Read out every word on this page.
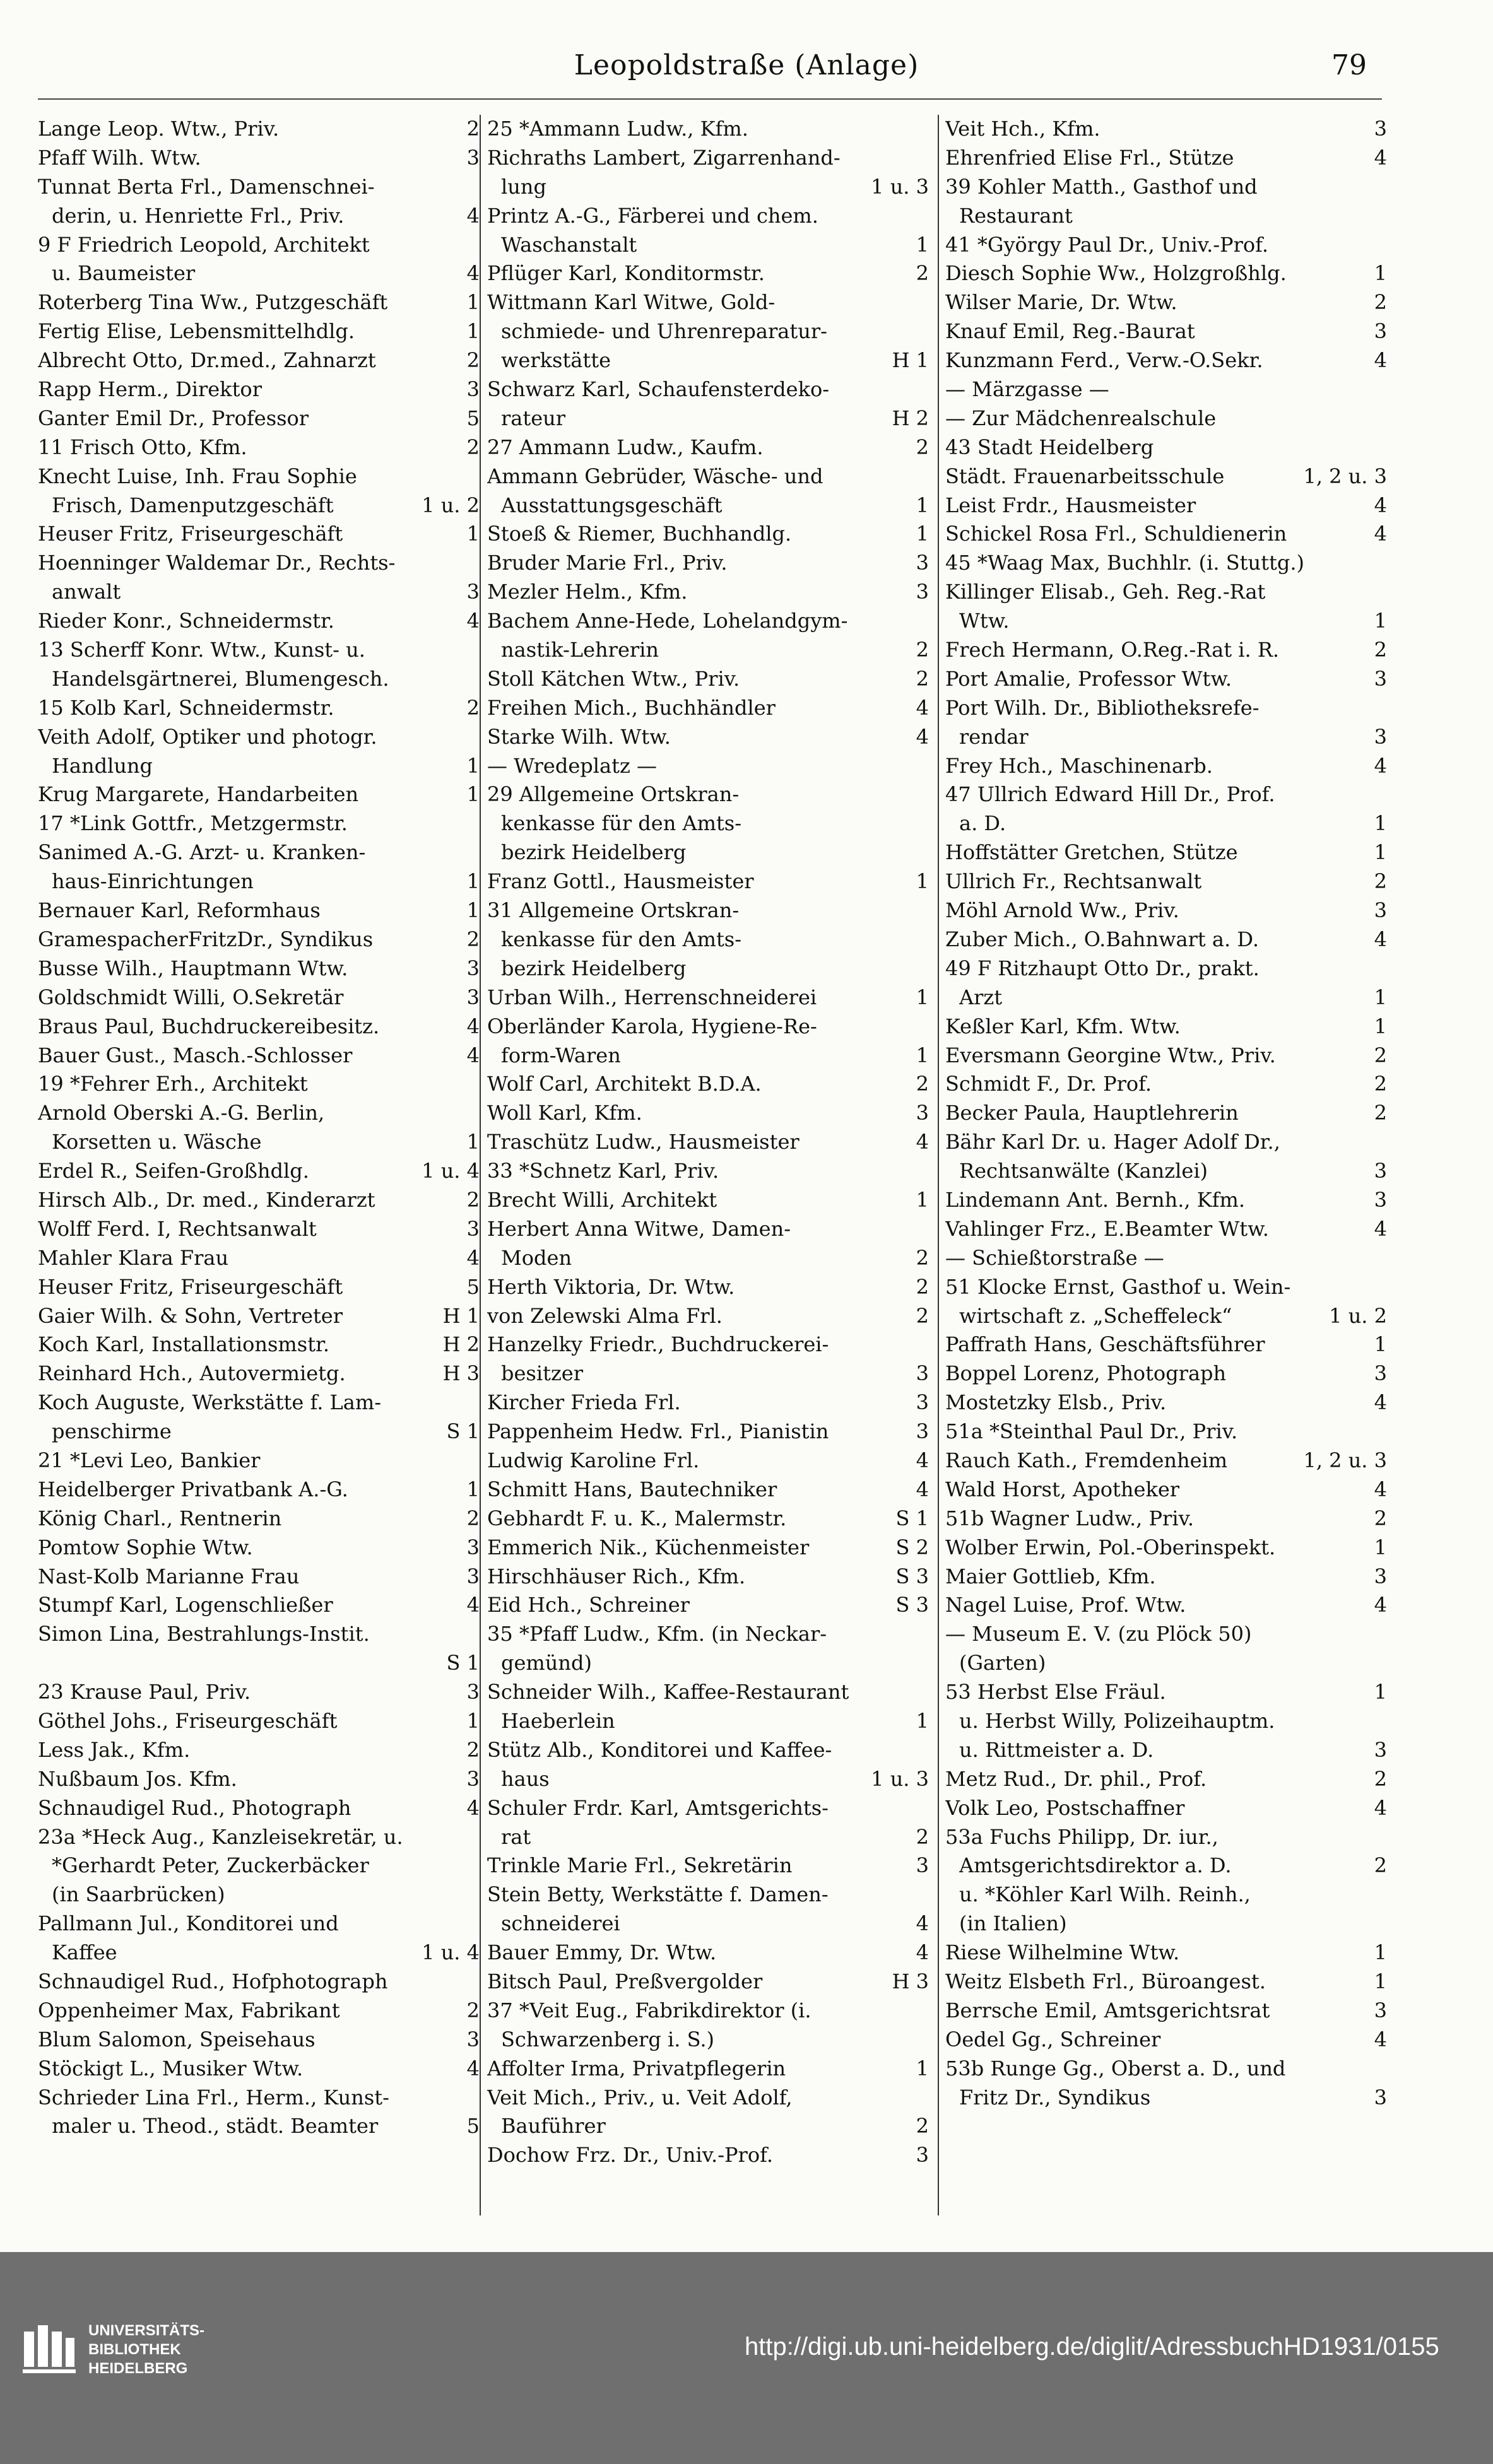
Leopoldstraße (Anlage)	79
Lange Leop. Wtw., Priv.	2
Pfaff Wilh. Wtw.	3
Tunnat Berta Frl., Damenschnei-
derin, u. Henriette Frl., Priv.	4
9 F Friedrich Leopold, Architekt
u. Baumeister	4
Roterberg Tina Ww., Putzgeschäft	1
Fertig Elise, Lebensmittelhdlg.	1
Albrecht Otto, Dr.med., Zahnarzt	2
Rapp Herm., Direktor	3
Ganter Emil Dr., Professor	5
11 Frisch Otto, Kfm.	2
Knecht Luise, Inh. Frau Sophie
Frisch, Damenputzgeschäft	1 u. 2
Heuser Fritz, Friseurgeschäft	1
Hoenninger Waldemar Dr., Rechts-
anwalt	3
Rieder Konr., Schneidermstr.	4
13 Scherff Konr. Wtw., Kunst- u.
Handelsgärtnerei, Blumengesch.
15 Kolb Karl, Schneidermstr.	2
Veith Adolf, Optiker und photogr.
Handlung	1
Krug Margarete, Handarbeiten	1
17 *Link Gottfr., Metzgermstr.
Sanimed A.-G. Arzt- u. Kranken-
haus-Einrichtungen	1
Bernauer Karl, Reformhaus	1
GramespacherFritzDr., Syndikus	2
Busse Wilh., Hauptmann Wtw.	3
Goldschmidt Willi, O.Sekretär	3
Braus Paul, Buchdruckereibesitz.	4
Bauer Gust., Masch.-Schlosser	4
19 *Fehrer Erh., Architekt
Arnold Oberski A.-G. Berlin,
Korsetten u. Wäsche	1
Erdel R., Seifen-Großhdlg.	1 u. 4
Hirsch Alb., Dr. med., Kinderarzt	2
Wolff Ferd. I, Rechtsanwalt	3
Mahler Klara Frau	4
Heuser Fritz, Friseurgeschäft	5
Gaier Wilh. & Sohn, Vertreter	H 1
Koch Karl, Installationsmstr.	H 2
Reinhard Hch., Autovermietg.	H 3
Koch Auguste, Werkstätte f. Lam-
penschirme	S 1
21 *Levi Leo, Bankier
Heidelberger Privatbank A.-G.	1
König Charl., Rentnerin	2
Pomtow Sophie Wtw.	3
Nast-Kolb Marianne Frau	3
Stumpf Karl, Logenschließer	4
Simon Lina, Bestrahlungs-Instit.
S 1
23 Krause Paul, Priv.	3
Göthel Johs., Friseurgeschäft	1
Less Jak., Kfm.	2
Nußbaum Jos. Kfm.	3
Schnaudigel Rud., Photograph	4
23a *Heck Aug., Kanzleisekretär, u.
*Gerhardt Peter, Zuckerbäcker
(in Saarbrücken)
Pallmann Jul., Konditorei und
Kaffee	1 u. 4
Schnaudigel Rud., Hofphotograph
Oppenheimer Max, Fabrikant	2
Blum Salomon, Speisehaus	3
Stöckigt L., Musiker Wtw.	4
Schrieder Lina Frl., Herm., Kunst-
maler u. Theod., städt. Beamter	5
25 *Ammann Ludw., Kfm.
Richraths Lambert, Zigarrenhand-
lung	1 u. 3
Printz A.-G., Färberei und chem.
Waschanstalt	1
Pflüger Karl, Konditormstr.	2
Wittmann Karl Witwe, Gold-
schmiede- und Uhrenreparatur-
werkstätte	H 1
Schwarz Karl, Schaufensterdeko-
rateur	H 2
27 Ammann Ludw., Kaufm.	2
Ammann Gebrüder, Wäsche- und
Ausstattungsgeschäft	1
Stoeß & Riemer, Buchhandlg.	1
Bruder Marie Frl., Priv.	3
Mezler Helm., Kfm.	3
Bachem Anne-Hede, Lohelandgym-
nastik-Lehrerin	2
Stoll Kätchen Wtw., Priv.	2
Freihen Mich., Buchhändler	4
Starke Wilh. Wtw.	4
— Wredeplatz —
29 Allgemeine Ortskran-
kenkasse für den Amts-
bezirk Heidelberg
Franz Gottl., Hausmeister	1
31 Allgemeine Ortskran-
kenkasse für den Amts-
bezirk Heidelberg
Urban Wilh., Herrenschneiderei	1
Oberländer Karola, Hygiene-Re-
form-Waren	1
Wolf Carl, Architekt B.D.A.	2
Woll Karl, Kfm.	3
Traschütz Ludw., Hausmeister	4
33 *Schnetz Karl, Priv.
Brecht Willi, Architekt	1
Herbert Anna Witwe, Damen-
Moden	2
Herth Viktoria, Dr. Wtw.	2
von Zelewski Alma Frl.	2
Hanzelky Friedr., Buchdruckerei-
besitzer	3
Kircher Frieda Frl.	3
Pappenheim Hedw. Frl., Pianistin	3
Ludwig Karoline Frl.	4
Schmitt Hans, Bautechniker	4
Gebhardt F. u. K., Malermstr.	S 1
Emmerich Nik., Küchenmeister	S 2
Hirschhäuser Rich., Kfm.	S 3
Eid Hch., Schreiner	S 3
35 *Pfaff Ludw., Kfm. (in Neckar-
gemünd)
Schneider Wilh., Kaffee-Restaurant
Haeberlein	1
Stütz Alb., Konditorei und Kaffee-
haus	1 u. 3
Schuler Frdr. Karl, Amtsgerichts-
rat	2
Trinkle Marie Frl., Sekretärin	3
Stein Betty, Werkstätte f. Damen-
schneiderei	4
Bauer Emmy, Dr. Wtw.	4
Bitsch Paul, Preßvergolder	H 3
37 *Veit Eug., Fabrikdirektor (i.
Schwarzenberg i. S.)
Affolter Irma, Privatpflegerin	1
Veit Mich., Priv., u. Veit Adolf,
Bauführer	2
Dochow Frz. Dr., Univ.-Prof.	3
Veit Hch., Kfm.	3
Ehrenfried Elise Frl., Stütze	4
39 Kohler Matth., Gasthof und
Restaurant
41 *György Paul Dr., Univ.-Prof.
Diesch Sophie Ww., Holzgroßhlg.	1
Wilser Marie, Dr. Wtw.	2
Knauf Emil, Reg.-Baurat	3
Kunzmann Ferd., Verw.-O.Sekr.	4
— Märzgasse —
— Zur Mädchenrealschule
43 Stadt Heidelberg
Städt. Frauenarbeitsschule	1, 2 u. 3
Leist Frdr., Hausmeister	4
Schickel Rosa Frl., Schuldienerin	4
45 *Waag Max, Buchhlr. (i. Stuttg.)
Killinger Elisab., Geh. Reg.-Rat
Wtw.	1
Frech Hermann, O.Reg.-Rat i. R.	2
Port Amalie, Professor Wtw.	3
Port Wilh. Dr., Bibliotheksrefe-
rendar	3
Frey Hch., Maschinenarb.	4
47 Ullrich Edward Hill Dr., Prof.
a. D.	1
Hoffstätter Gretchen, Stütze	1
Ullrich Fr., Rechtsanwalt	2
Möhl Arnold Ww., Priv.	3
Zuber Mich., O.Bahnwart a. D.	4
49 F Ritzhaupt Otto Dr., prakt.
Arzt	1
Keßler Karl, Kfm. Wtw.	1
Eversmann Georgine Wtw., Priv.	2
Schmidt F., Dr. Prof.	2
Becker Paula, Hauptlehrerin	2
Bähr Karl Dr. u. Hager Adolf Dr.,
Rechtsanwälte (Kanzlei)	3
Lindemann Ant. Bernh., Kfm.	3
Vahlinger Frz., E.Beamter Wtw.	4
— Schießtorstraße —
51 Klocke Ernst, Gasthof u. Wein-
wirtschaft z. „Scheffeleck“	1 u. 2
Paffrath Hans, Geschäftsführer	1
Boppel Lorenz, Photograph	3
Mostetzky Elsb., Priv.	4
51a *Steinthal Paul Dr., Priv.
Rauch Kath., Fremdenheim	1, 2 u. 3
Wald Horst, Apotheker	4
51b Wagner Ludw., Priv.	2
Wolber Erwin, Pol.-Oberinspekt.	1
Maier Gottlieb, Kfm.	3
Nagel Luise, Prof. Wtw.	4
— Museum E. V. (zu Plöck 50)
(Garten)
53 Herbst Else Fräul.	1
u. Herbst Willy, Polizeihauptm.
u. Rittmeister a. D.	3
Metz Rud., Dr. phil., Prof.	2
Volk Leo, Postschaffner	4
53a Fuchs Philipp, Dr. iur.,
Amtsgerichtsdirektor a. D.	2
u. *Köhler Karl Wilh. Reinh.,
(in Italien)
Riese Wilhelmine Wtw.	1
Weitz Elsbeth Frl., Büroangest.	1
Berrsche Emil, Amtsgerichtsrat	3
Oedel Gg., Schreiner	4
53b Runge Gg., Oberst a. D., und
Fritz Dr., Syndikus	3
UNIVERSITÄTS-
BIBLIOTHEK
HEIDELBERG
http://digi.ub.uni-heidelberg.de/diglit/AdressbuchHD1931/0155
